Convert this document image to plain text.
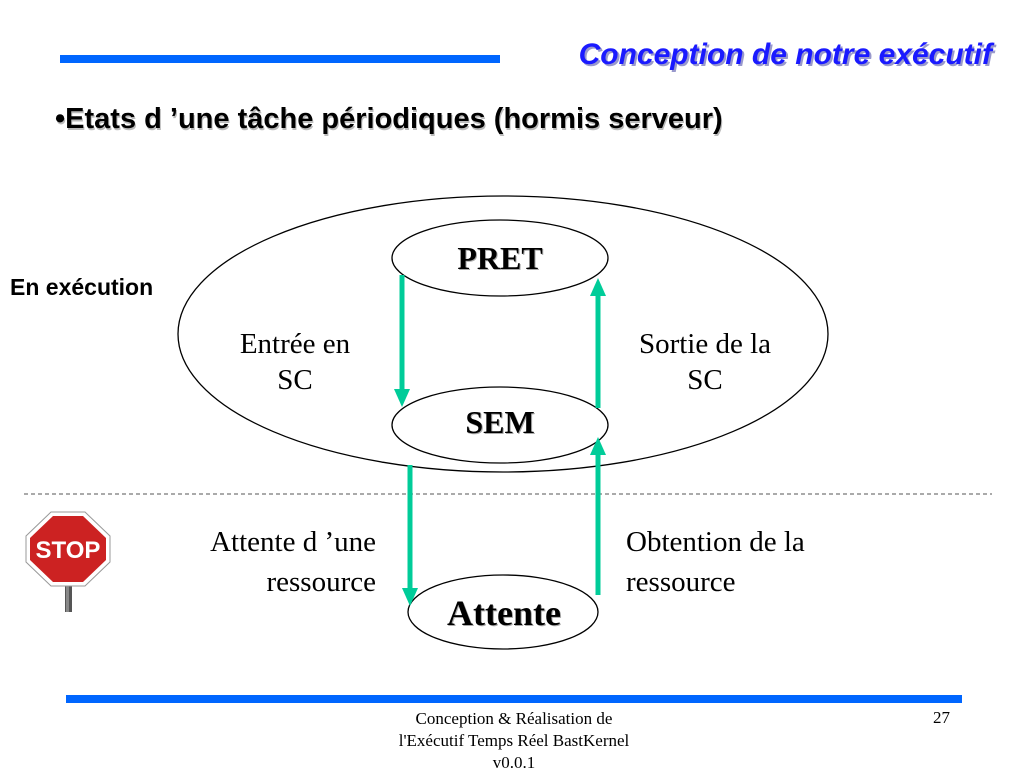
Conception de notre exécutif
•Etats d ’une tâche périodiques (hormis serveur)
En exécution
PRET
SEM
Attente
Entrée en
SC
Sortie de la
SC
Attente d ’une
ressource
Obtention de la
ressource
STOP
Conception & Réalisation de
l'Exécutif Temps Réel BastKernel
v0.0.1
27
